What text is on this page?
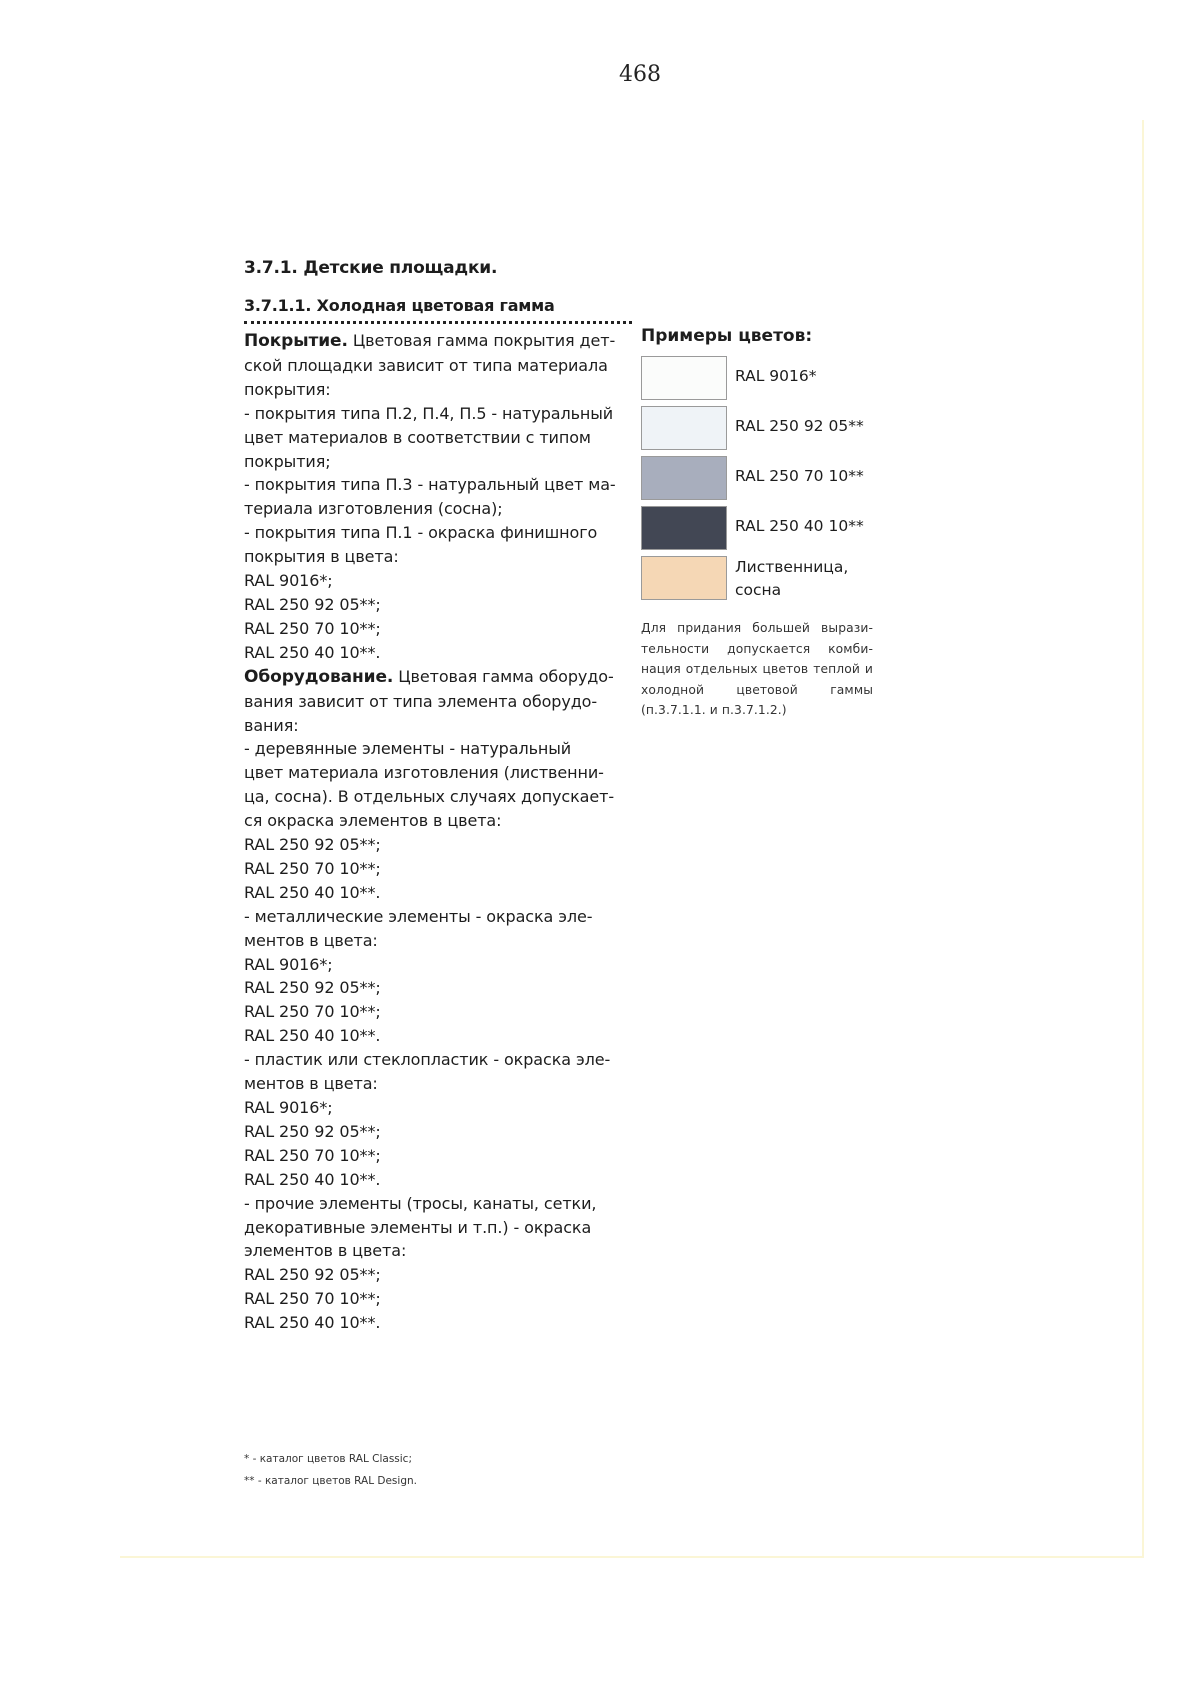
468
3.7.1. Детские площадки.
3.7.1.1. Холодная цветовая гамма
Покрытие. Цветовая гамма покрытия дет-
ской площадки зависит от типа материала
покрытия:
- покрытия типа П.2, П.4, П.5 - натуральный
цвет материалов в соответствии с типом
покрытия;
- покрытия типа П.3 - натуральный цвет ма-
териала изготовления (сосна);
- покрытия типа П.1 - окраска финишного
покрытия в цвета:
RAL 9016*;
RAL 250 92 05**;
RAL 250 70 10**;
RAL 250 40 10**.
Оборудование. Цветовая гамма оборудо-
вания зависит от типа элемента оборудо-
вания:
- деревянные элементы - натуральный
цвет материала изготовления (лиственни-
ца, сосна). В отдельных случаях допускает-
ся окраска элементов в цвета:
RAL 250 92 05**;
RAL 250 70 10**;
RAL 250 40 10**.
- металлические элементы - окраска эле-
ментов в цвета:
RAL 9016*;
RAL 250 92 05**;
RAL 250 70 10**;
RAL 250 40 10**.
- пластик или стеклопластик - окраска эле-
ментов в цвета:
RAL 9016*;
RAL 250 92 05**;
RAL 250 70 10**;
RAL 250 40 10**.
- прочие элементы (тросы, канаты, сетки,
декоративные элементы и т.п.) - окраска
элементов в цвета:
RAL 250 92 05**;
RAL 250 70 10**;
RAL 250 40 10**.
Примеры цветов:
RAL 9016*
RAL 250 92 05**
RAL 250 70 10**
RAL 250 40 10**
Лиственница,
сосна
Для придания большей вырази-тельности допускается комби-нация отдельных цветов теплой и холодной цветовой гаммы (п.3.7.1.1. и п.3.7.1.2.)
* - каталог цветов RAL Classic;
** - каталог цветов RAL Design.
